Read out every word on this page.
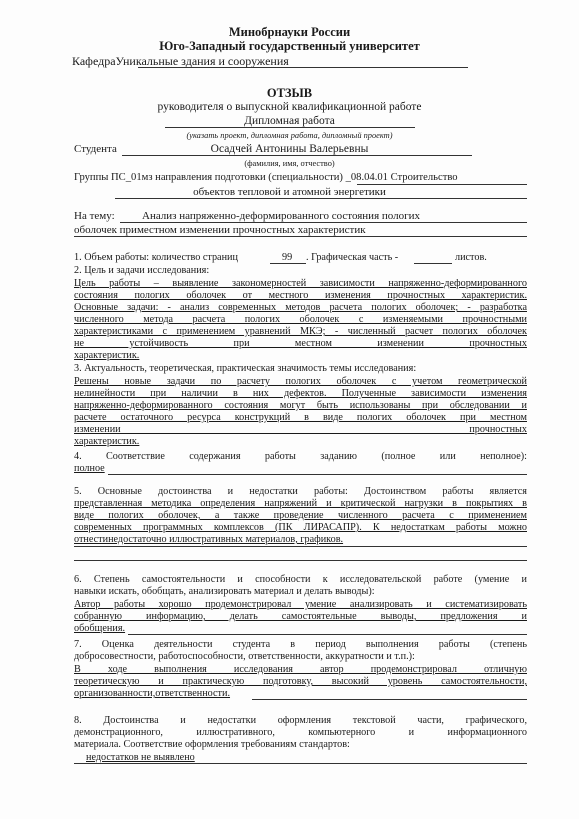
Минобрнауки России
Юго-Западный государственный университет
КафедраУникальные здания и сооружения
ОТЗЫВ
руководителя о выпускной квалификационной работе
Дипломная работа
(указать проект, дипломная работа, дипломный проект)
Студента	Осадчей Антонины Валерьевны
(фамилия, имя, отчество)
Группы ПС_01мз направления подготовки (специальности) _08.04.01 Строительство
объектов тепловой и атомной энергетики
На тему: Анализ напряженно-деформированного состояния пологих
оболочек приместном изменении прочностных характеристик
1. Объем работы: количество страниц	99 . Графическая часть -	листов.
2. Цель и задачи исследования:
Цель работы – выявление закономерностей зависимости напряженно-деформированного
состояния пологих оболочек от местного изменения прочностных характеристик.
Основные задачи: - анализ современных методов расчета пологих оболочек; - разработка
численного метода расчета пологих оболочек с изменяемыми прочностными
характеристиками с применением уравнений МКЭ; - численный расчет пологих оболочек
не устойчивость при местном изменении прочностных
характеристик.
3. Актуальность, теоретическая, практическая значимость темы исследования:
Решены новые задачи по расчету пологих оболочек с учетом геометрической
нелинейности при наличии в них дефектов. Полученные зависимости изменения
напряженно-деформированного состояния могут быть использованы при обследовании и
расчете остаточного ресурса конструкций в виде пологих оболочек при местном
изменении прочностных
характеристик.
4. Соответствие содержания работы заданию (полное или неполное):
полное
5. Основные достоинства и недостатки работы: Достоинством работы является
представленная методика определения напряжений и критической нагрузки в покрытиях в
виде пологих оболочек, а также проведение численного расчета с применением
современных программных комплексов (ПК ЛИРАСАПР). К недостаткам работы можно
отнестинедостаточно иллюстративных материалов, графиков.
6. Степень самостоятельности и способности к исследовательской работе (умение и
навыки искать, обобщать, анализировать материал и делать выводы):
Автор работы хорошо продемонстрировал умение анализировать и систематизировать
собранную информацию, делать самостоятельные выводы, предложения и
обобщения.
7. Оценка деятельности студента в период выполнения работы (степень
добросовестности, работоспособности, ответственности, аккуратности и т.п.):
В ходе выполнения исследования автор продемонстрировал отличную
теоретическую и практическую подготовку, высокий уровень самостоятельности,
организованности,ответственности.
8. Достоинства и недостатки оформления текстовой части, графического,
демонстрационного, иллюстративного, компьютерного и информационного
материала. Соответствие оформления требованиям стандартов:
недостатков не выявлено
